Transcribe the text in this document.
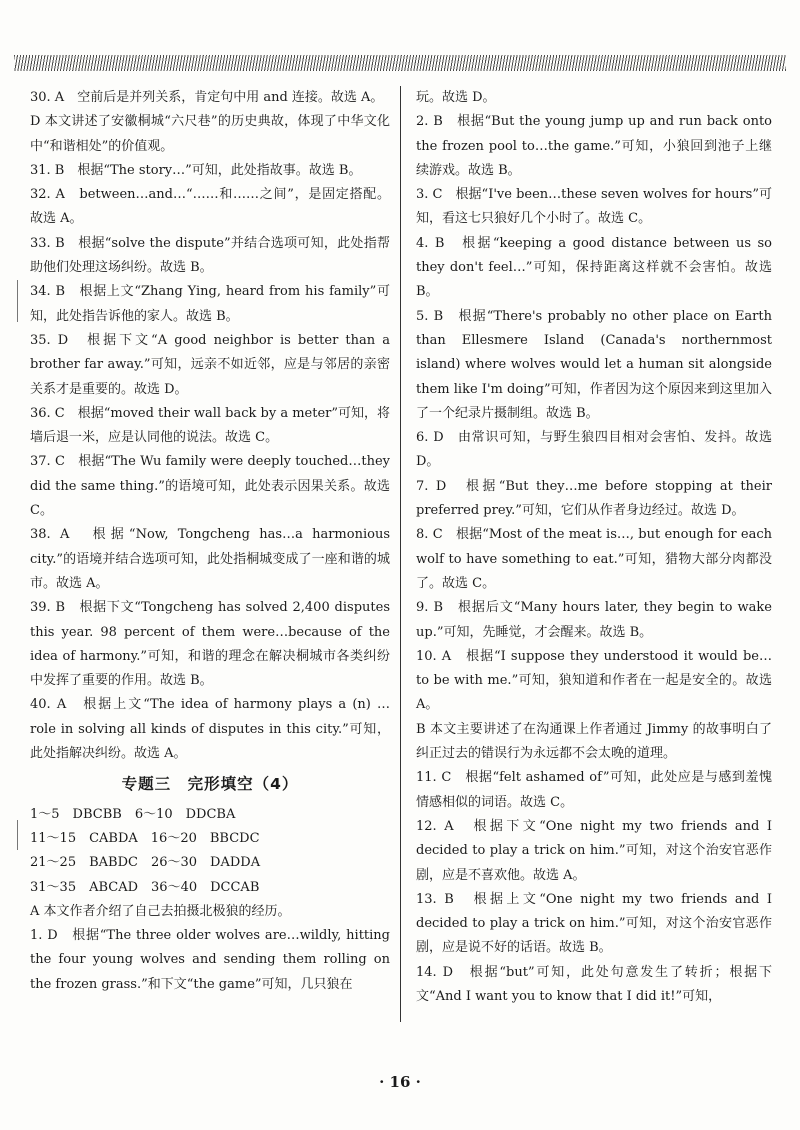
30. A　空前后是并列关系，肯定句中用 and 连接。故选 A。

D 本文讲述了安徽桐城“六尺巷”的历史典故，体现了中华文化中“和谐相处”的价值观。

31. B　根据“The story…”可知，此处指故事。故选 B。

32. A　between…and…“……和……之间”，是固定搭配。故选 A。

33. B　根据“solve the dispute”并结合选项可知，此处指帮助他们处理这场纠纷。故选 B。

34. B　根据上文“Zhang Ying, heard from his family”可知，此处指告诉他的家人。故选 B。

35. D　根据下文“A good neighbor is better than a brother far away.”可知，远亲不如近邻，应是与邻居的亲密关系才是重要的。故选 D。

36. C　根据“moved their wall back by a meter”可知，将墙后退一米，应是认同他的说法。故选 C。

37. C　根据“The Wu family were deeply touched…they did the same thing.”的语境可知，此处表示因果关系。故选 C。

38. A　根据“Now, Tongcheng has…a harmonious city.”的语境并结合选项可知，此处指桐城变成了一座和谐的城市。故选 A。

39. B　根据下文“Tongcheng has solved 2,400 disputes this year. 98 percent of them were…because of the idea of harmony.”可知，和谐的理念在解决桐城市各类纠纷中发挥了重要的作用。故选 B。

40. A　根据上文“The idea of harmony plays a (n) … role in solving all kinds of disputes in this city.”可知，此处指解决纠纷。故选 A。

专题三　完形填空（4）

1～5　DBCBB　6～10　DDCBA

11～15　CABDA　16～20　BBCDC

21～25　BABDC　26～30　DADDA

31～35　ABCAD　36～40　DCCAB

A 本文作者介绍了自己去拍摄北极狼的经历。

1. D　根据“The three older wolves are…wildly, hitting the four young wolves and sending them rolling on the frozen grass.”和下文“the game”可知，几只狼在

玩。故选 D。

2. B　根据“But the young jump up and run back onto the frozen pool to…the game.”可知，小狼回到池子上继续游戏。故选 B。

3. C　根据“I've been…these seven wolves for hours”可知，看这七只狼好几个小时了。故选 C。

4. B　根据“keeping a good distance between us so they don't feel…”可知，保持距离这样就不会害怕。故选 B。

5. B　根据“There's probably no other place on Earth than Ellesmere Island (Canada's northernmost island) where wolves would let a human sit alongside them like I'm doing”可知，作者因为这个原因来到这里加入了一个纪录片摄制组。故选 B。

6. D　由常识可知，与野生狼四目相对会害怕、发抖。故选 D。

7. D　根据“But they…me before stopping at their preferred prey.”可知，它们从作者身边经过。故选 D。

8. C　根据“Most of the meat is…, but enough for each wolf to have something to eat.”可知，猎物大部分肉都没了。故选 C。

9. B　根据后文“Many hours later, they begin to wake up.”可知，先睡觉，才会醒来。故选 B。

10. A　根据“I suppose they understood it would be…to be with me.”可知，狼知道和作者在一起是安全的。故选 A。

B 本文主要讲述了在沟通课上作者通过 Jimmy 的故事明白了纠正过去的错误行为永远都不会太晚的道理。

11. C　根据“felt ashamed of”可知，此处应是与感到羞愧情感相似的词语。故选 C。

12. A　根据下文“One night my two friends and I decided to play a trick on him.”可知，对这个治安官恶作剧，应是不喜欢他。故选 A。

13. B　根据上文“One night my two friends and I decided to play a trick on him.”可知，对这个治安官恶作剧，应是说不好的话语。故选 B。

14. D　根据“but”可知，此处句意发生了转折；根据下文“And I want you to know that I did it!”可知，

· 16 ·
